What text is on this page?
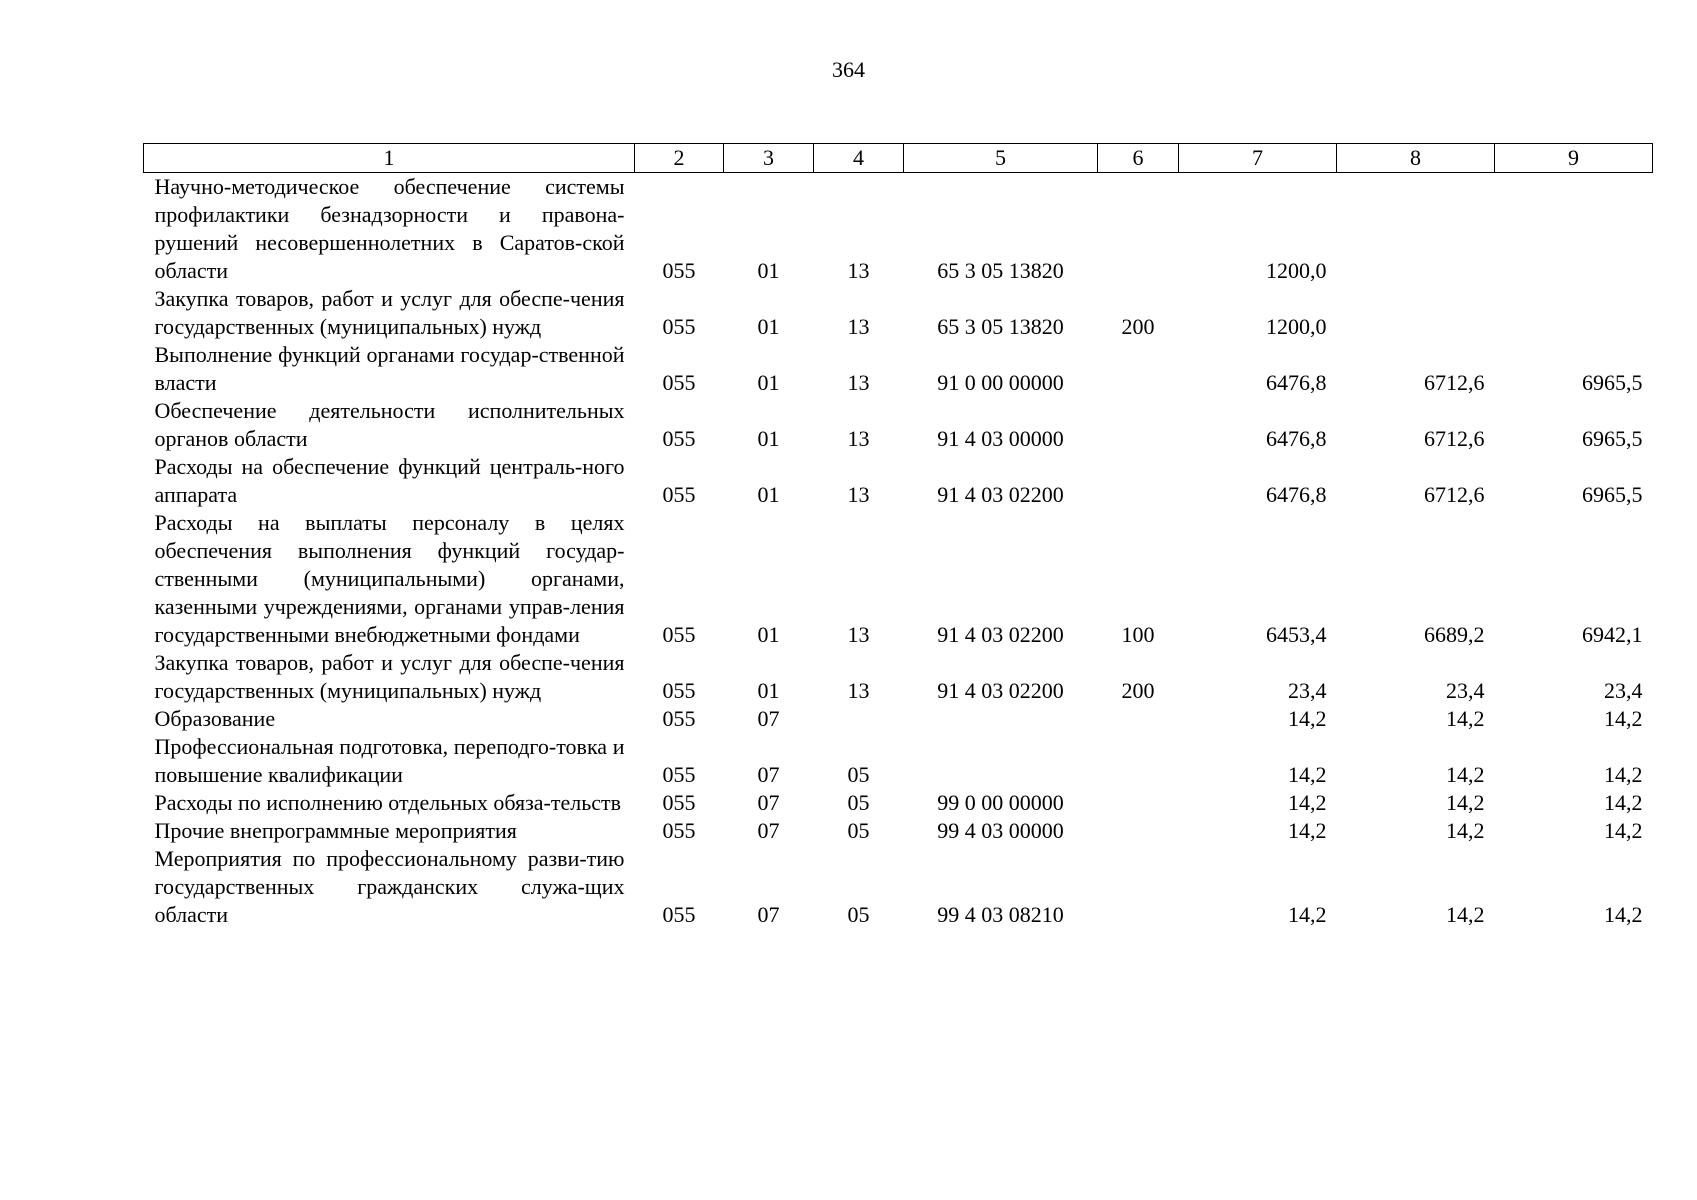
364
1	2	3	4	5	6	7	8	9
Научно-методическое обеспечение системы профилактики безнадзорности и правона-рушений несовершеннолетних в Саратов-ской области	055	01	13	65 3 05 13820		1200,0		
Закупка товаров, работ и услуг для обеспе-чения государственных (муниципальных) нужд	055	01	13	65 3 05 13820	200	1200,0		
Выполнение функций органами государ-ственной власти	055	01	13	91 0 00 00000		6476,8	6712,6	6965,5
Обеспечение деятельности исполнительных органов области	055	01	13	91 4 03 00000		6476,8	6712,6	6965,5
Расходы на обеспечение функций централь-ного аппарата	055	01	13	91 4 03 02200		6476,8	6712,6	6965,5
Расходы на выплаты персоналу в целях обеспечения выполнения функций государ-ственными (муниципальными) органами, казенными учреждениями, органами управ-ления государственными внебюджетными фондами	055	01	13	91 4 03 02200	100	6453,4	6689,2	6942,1
Закупка товаров, работ и услуг для обеспе-чения государственных (муниципальных) нужд	055	01	13	91 4 03 02200	200	23,4	23,4	23,4
Образование	055	07				14,2	14,2	14,2
Профессиональная подготовка, переподго-товка и повышение квалификации	055	07	05			14,2	14,2	14,2
Расходы по исполнению отдельных обяза-тельств	055	07	05	99 0 00 00000		14,2	14,2	14,2
Прочие внепрограммные мероприятия	055	07	05	99 4 03 00000		14,2	14,2	14,2
Мероприятия по профессиональному разви-тию государственных гражданских служа-щих области	055	07	05	99 4 03 08210		14,2	14,2	14,2
